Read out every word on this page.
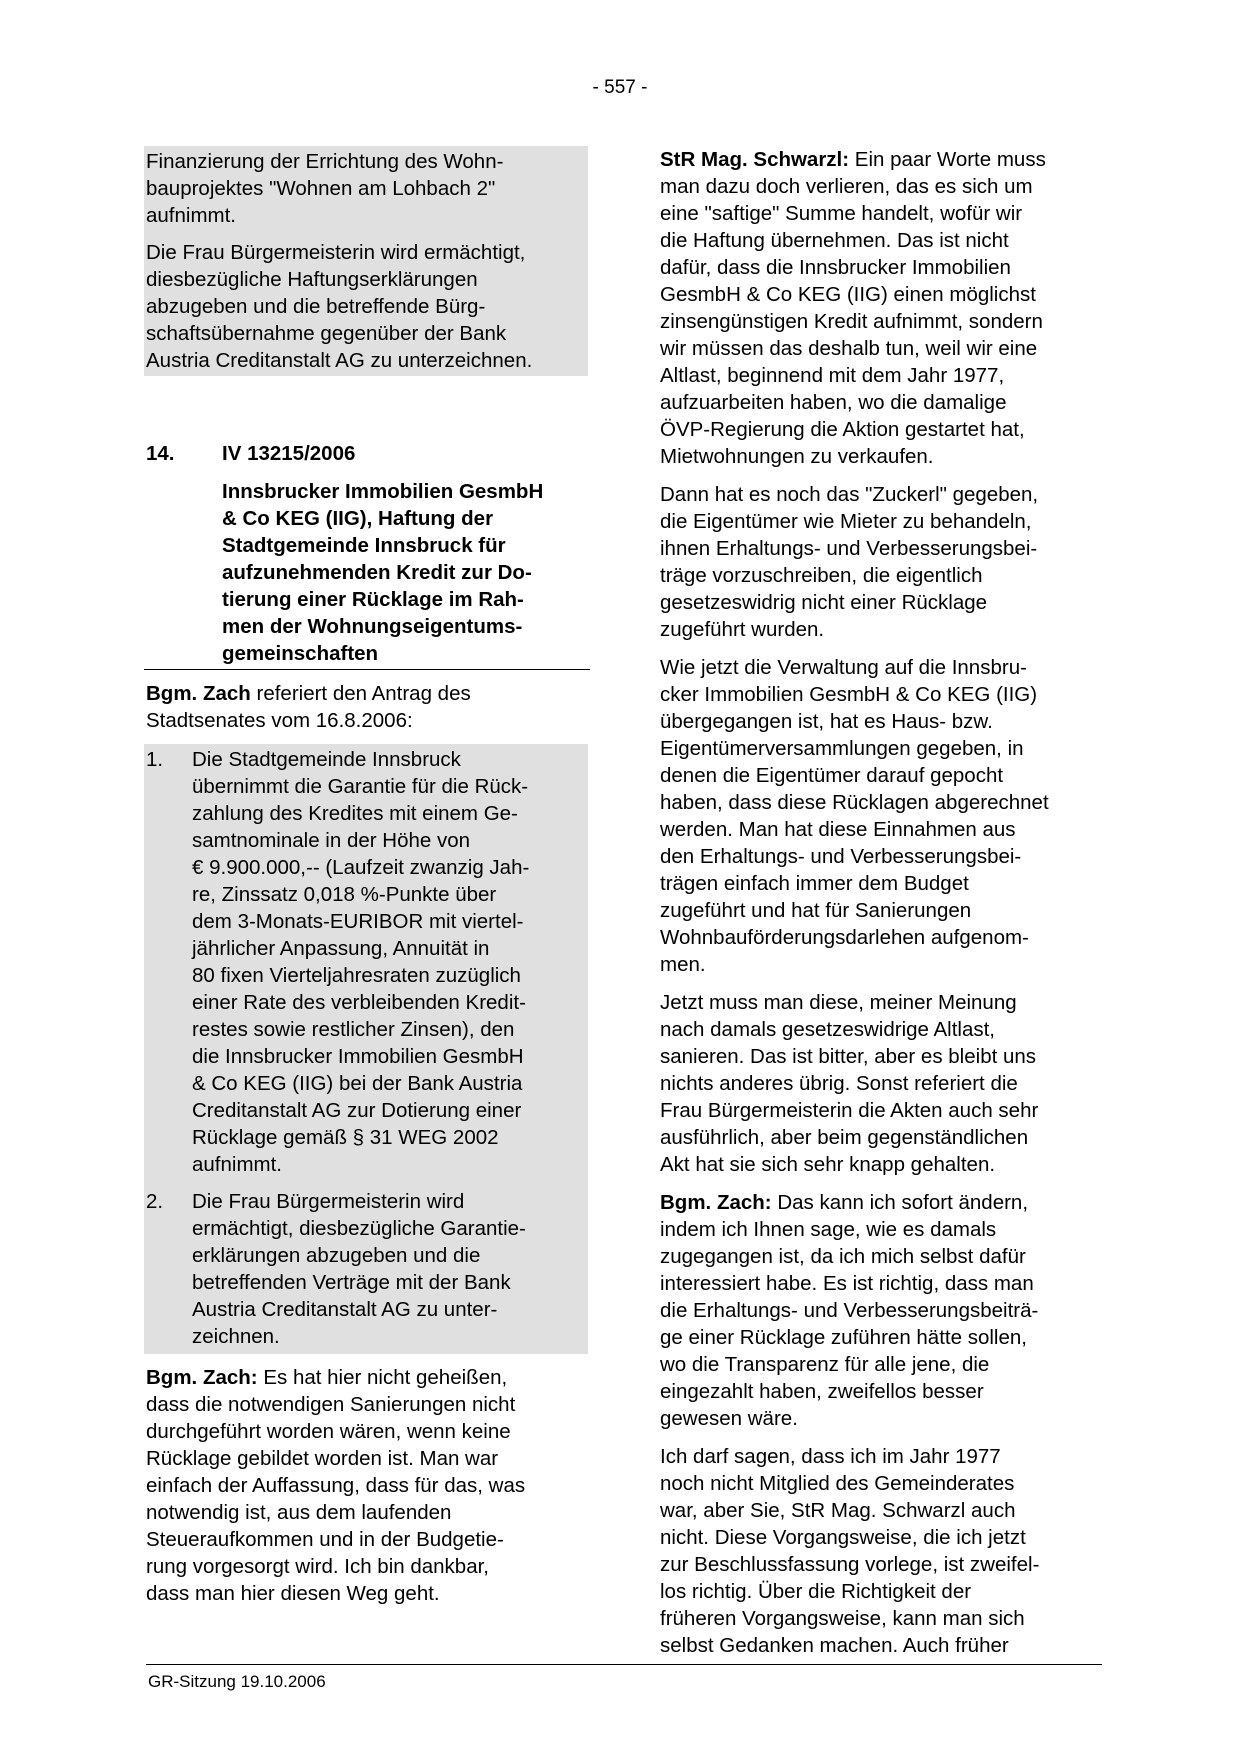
- 557 -

Finanzierung der Errichtung des Wohn-
bauprojektes "Wohnen am Lohbach 2"
aufnimmt.

Die Frau Bürgermeisterin wird ermächtigt,
diesbezügliche Haftungserklärungen
abzugeben und die betreffende Bürg-
schaftsübernahme gegenüber der Bank
Austria Creditanstalt AG zu unterzeichnen.

14.	IV 13215/2006
Innsbrucker Immobilien GesmbH
& Co KEG (IIG), Haftung der
Stadtgemeinde Innsbruck für
aufzunehmenden Kredit zur Do-
tierung einer Rücklage im Rah-
men der Wohnungseigentums-
gemeinschaften

Bgm. Zach referiert den Antrag des
Stadtsenates vom 16.8.2006:

1.	Die Stadtgemeinde Innsbruck
übernimmt die Garantie für die Rück-
zahlung des Kredites mit einem Ge-
samtnominale in der Höhe von
€ 9.900.000,-- (Laufzeit zwanzig Jah-
re, Zinssatz 0,018 %-Punkte über
dem 3-Monats-EURIBOR mit viertel-
jährlicher Anpassung, Annuität in
80 fixen Vierteljahresraten zuzüglich
einer Rate des verbleibenden Kredit-
restes sowie restlicher Zinsen), den
die Innsbrucker Immobilien GesmbH
& Co KEG (IIG) bei der Bank Austria
Creditanstalt AG zur Dotierung einer
Rücklage gemäß § 31 WEG 2002
aufnimmt.
2.	Die Frau Bürgermeisterin wird
ermächtigt, diesbezügliche Garantie-
erklärungen abzugeben und die
betreffenden Verträge mit der Bank
Austria Creditanstalt AG zu unter-
zeichnen.

Bgm. Zach: Es hat hier nicht geheißen,
dass die notwendigen Sanierungen nicht
durchgeführt worden wären, wenn keine
Rücklage gebildet worden ist. Man war
einfach der Auffassung, dass für das, was
notwendig ist, aus dem laufenden
Steueraufkommen und in der Budgetie-
rung vorgesorgt wird. Ich bin dankbar,
dass man hier diesen Weg geht.

StR Mag. Schwarzl: Ein paar Worte muss
man dazu doch verlieren, das es sich um
eine "saftige" Summe handelt, wofür wir
die Haftung übernehmen. Das ist nicht
dafür, dass die Innsbrucker Immobilien
GesmbH & Co KEG (IIG) einen möglichst
zinsengünstigen Kredit aufnimmt, sondern
wir müssen das deshalb tun, weil wir eine
Altlast, beginnend mit dem Jahr 1977,
aufzuarbeiten haben, wo die damalige
ÖVP-Regierung die Aktion gestartet hat,
Mietwohnungen zu verkaufen.

Dann hat es noch das "Zuckerl" gegeben,
die Eigentümer wie Mieter zu behandeln,
ihnen Erhaltungs- und Verbesserungsbei-
träge vorzuschreiben, die eigentlich
gesetzeswidrig nicht einer Rücklage
zugeführt wurden.

Wie jetzt die Verwaltung auf die Innsbru-
cker Immobilien GesmbH & Co KEG (IIG)
übergegangen ist, hat es Haus- bzw.
Eigentümerversammlungen gegeben, in
denen die Eigentümer darauf gepocht
haben, dass diese Rücklagen abgerechnet
werden. Man hat diese Einnahmen aus
den Erhaltungs- und Verbesserungsbei-
trägen einfach immer dem Budget
zugeführt und hat für Sanierungen
Wohnbauförderungsdarlehen aufgenom-
men.

Jetzt muss man diese, meiner Meinung
nach damals gesetzeswidrige Altlast,
sanieren. Das ist bitter, aber es bleibt uns
nichts anderes übrig. Sonst referiert die
Frau Bürgermeisterin die Akten auch sehr
ausführlich, aber beim gegenständlichen
Akt hat sie sich sehr knapp gehalten.

Bgm. Zach: Das kann ich sofort ändern,
indem ich Ihnen sage, wie es damals
zugegangen ist, da ich mich selbst dafür
interessiert habe. Es ist richtig, dass man
die Erhaltungs- und Verbesserungsbeiträ-
ge einer Rücklage zuführen hätte sollen,
wo die Transparenz für alle jene, die
eingezahlt haben, zweifellos besser
gewesen wäre.

Ich darf sagen, dass ich im Jahr 1977
noch nicht Mitglied des Gemeinderates
war, aber Sie, StR Mag. Schwarzl auch
nicht. Diese Vorgangsweise, die ich jetzt
zur Beschlussfassung vorlege, ist zweifel-
los richtig. Über die Richtigkeit der
früheren Vorgangsweise, kann man sich
selbst Gedanken machen. Auch früher

GR-Sitzung 19.10.2006
